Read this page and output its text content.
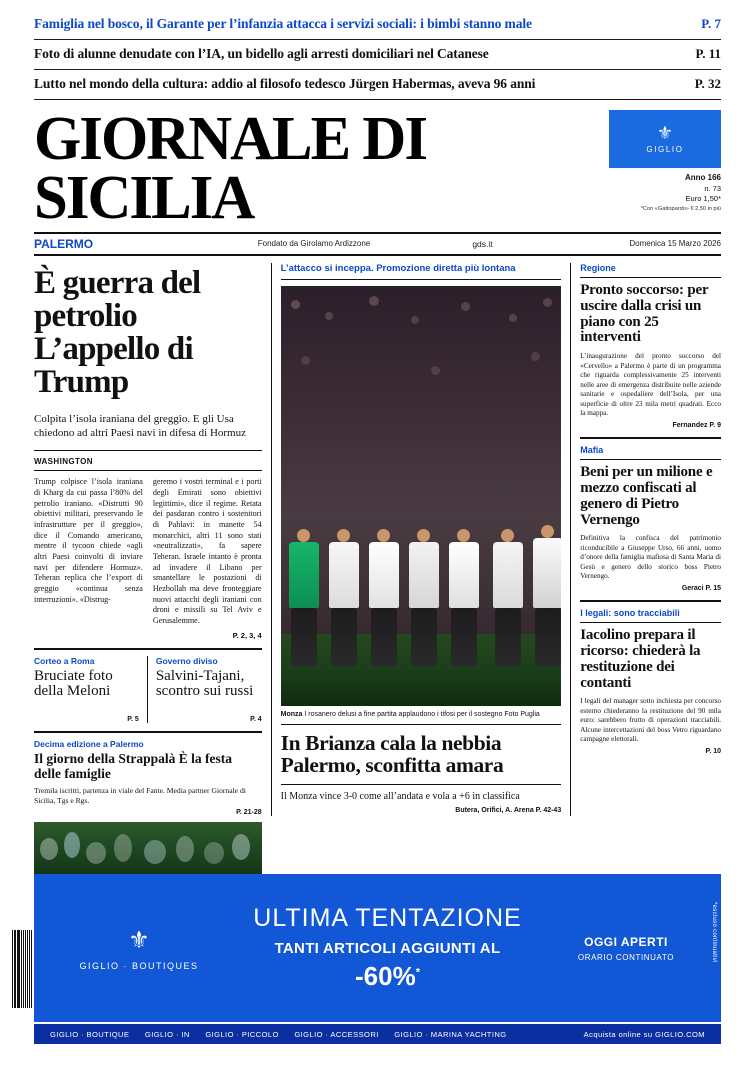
Famiglia nel bosco, il Garante per l’infanzia attacca i servizi sociali: i bimbi stanno male	P. 7
Foto di alunne denudate con l’IA, un bidello agli arresti domiciliari nel Catanese	P. 11
Lutto nel mondo della cultura: addio al filosofo tedesco Jürgen Habermas, aveva 96 anni	P. 32
GIORNALE DI SICILIA
⚜
GIGLIO
Anno 166
n. 73
Euro 1,50*
*Con «Gattopardo» € 2,50 in più
PALERMO	Fondato da Girolamo Ardizzone	gds.it	Domenica 15 Marzo 2026
È guerra del petrolio L’appello di Trump
Colpita l’isola iraniana del greggio. E gli Usa chiedono ad altri Paesi navi in difesa di Hormuz
WASHINGTON

Trump colpisce l’isola iraniana di Kharg da cui passa l’80% del petrolio iraniano. «Distrutti 90 obiettivi militari, preservando le infrastrutture per il greggio», dice il Comando americano, mentre il tycoon chiede «agli altri Paesi coinvolti di inviare navi per difendere Hormuz». Teheran replica che l’export di greggio «continua senza interruzioni». «Distrug-

geremo i vostri terminal e i porti degli Emirati sono obiettivi legittimi», dice il regime. Retata dei pasdaran contro i sostenitori di Pahlavi: in manette 54 monarchici, altri 11 sono stati «neutralizzati», fa sapere Teheran. Israele intanto è pronta ad invadere il Libano per smantellare le postazioni di Hezbollah ma deve fronteggiare nuovi attacchi degli iraniani con droni e missili su Tel Aviv e Gerusalemme.

P. 2, 3, 4
Corteo a Roma
Bruciate foto della Meloni
P. 5
Governo diviso
Salvini-Tajani, scontro sui russi
P. 4
Decima edizione a Palermo
Il giorno della Strappalà È la festa delle famiglie
Tremila iscritti, partenza in viale del Fante. Media partner Giornale di Sicilia, Tgs e Rgs.
P. 21-28
L’attacco si inceppa. Promozione diretta più lontana
Monza I rosanero delusi a fine partita applaudono i tifosi per il sostegno Foto Puglia
In Brianza cala la nebbia Palermo, sconfitta amara
Il Monza vince 3-0 come all’andata e vola a +6 in classifica
Butera, Orifici, A. Arena P. 42-43
Regione
Pronto soccorso: per uscire dalla crisi un piano con 25 interventi
L’inaugurazione del pronto soccorso del «Cervello» a Palermo è parte di un programma che riguarda complessivamente 25 interventi nelle aree di emergenza distribuite nelle aziende sanitarie e ospedaliere dell’Isola, per una superficie di oltre 23 mila metri quadrati. Ecco la mappa.
Fernandez P. 9
Mafia
Beni per un milione e mezzo confiscati al genero di Pietro Vernengo
Definitiva la confisca del patrimonio riconducibile a Giuseppe Urso, 66 anni, uomo d’onore della famiglia mafiosa di Santa Maria di Gesù e genero dello storico boss Pietro Vernengo.
Geraci P. 15
I legali: sono tracciabili
Iacolino prepara il ricorso: chiederà la restituzione dei contanti
I legali del manager sotto inchiesta per concorso esterno chiederanno la restituzione del 90 mila euro: sarebbero frutto di operazioni tracciabili. Alcune intercettazioni del boss Vetro riguardano campagne elettorali.
P. 10
⚜
GIGLIO · BOUTIQUES
ULTIMA TENTAZIONE
TANTI ARTICOLI AGGIUNTI AL
-60%*
OGGI APERTI
ORARIO CONTINUATO	*escluso continuativi
GIGLIO · BOUTIQUE GIGLIO · IN GIGLIO · PICCOLO GIGLIO · ACCESSORI GIGLIO · MARINA YACHTING	Acquista online su GIGLIO.COM
